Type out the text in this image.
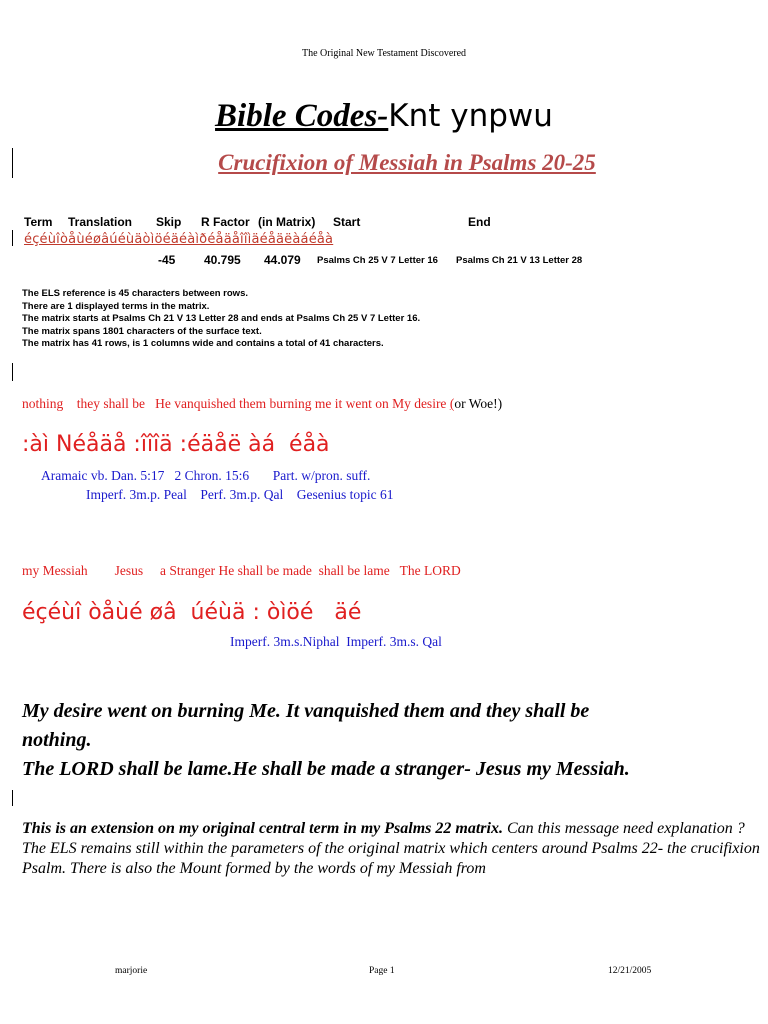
The Original New Testament Discovered
Bible Codes-Knt ynpwu
Crucifixion of Messiah in Psalms 20-25
Term Translation Skip R Factor (in Matrix) Start	End
éçéùîòåùéøâúéùäòìöéäéàìðéåäåîîìäéåäëàáéåà
-45 40.795 44.079 Psalms Ch 25 V 7 Letter 16 Psalms Ch 21 V 13 Letter 28
The ELS reference is 45 characters between rows.
There are 1 displayed terms in the matrix.
The matrix starts at Psalms Ch 21 V 13 Letter 28 and ends at Psalms Ch 25 V 7 Letter 16.
The matrix spans 1801 characters of the surface text.
The matrix has 41 rows, is 1 columns wide and contains a total of 41 characters.
nothing    they shall be   He vanquished them burning me it went on My desire (or Woe!)
:àì Néåäå :îîîä :éäåë àá  éåà
Aramaic vb. Dan. 5:17   2 Chron. 15:6       Part. w/pron. suff.
Imperf. 3m.p. Peal    Perf. 3m.p. Qal    Gesenius topic 61
my Messiah        Jesus     a Stranger He shall be made  shall be lame   The LORD
éçéùî òåùé øâ  úéùä : òìöé   äé
Imperf. 3m.s.Niphal  Imperf. 3m.s. Qal
My desire went on burning Me. It vanquished them and they shall be
nothing.
The LORD shall be lame.He shall be made a stranger- Jesus my Messiah.
This is an extension on my original central term in my Psalms 22 matrix. Can this message need explanation ? The ELS remains still within the parameters of the original matrix which centers around Psalms 22- the crucifixion Psalm. There is also the Mount formed by the words of my Messiah from
marjorie	Page 1	12/21/2005
